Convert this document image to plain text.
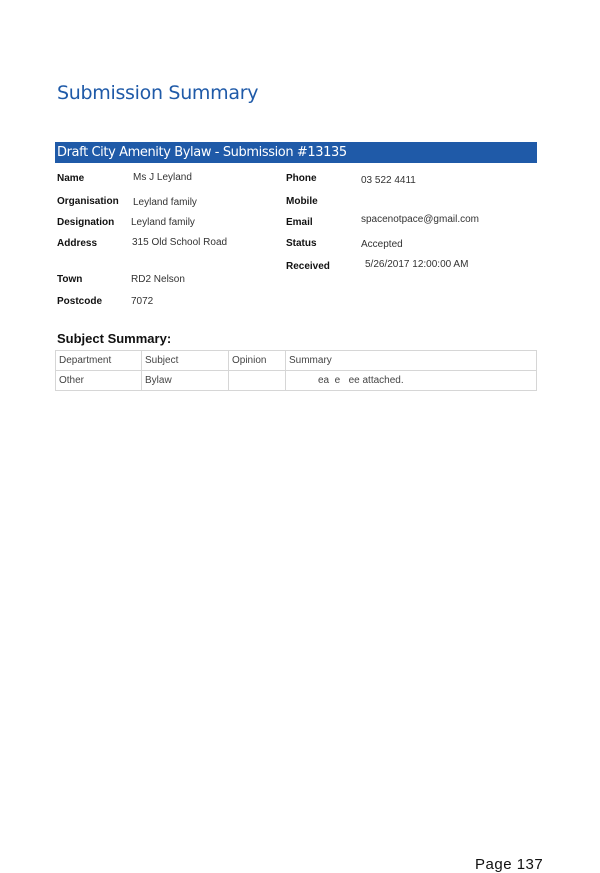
Submission Summary
Draft City Amenity Bylaw - Submission #13135
Name	Ms J Leyland
Organisation Leyland family
Designation Leyland family
Address	315 Old School Road
Town	RD2 Nelson
Postcode	7072
Phone	03 522 4411
Mobile
Email	spacenotpace@gmail.com
Status	Accepted
Received	5/26/2017 12:00:00 AM
Subject Summary:
Department	Subject	Opinion	Summary
Other	Bylaw		ea  e   ee attached.
Page 137
